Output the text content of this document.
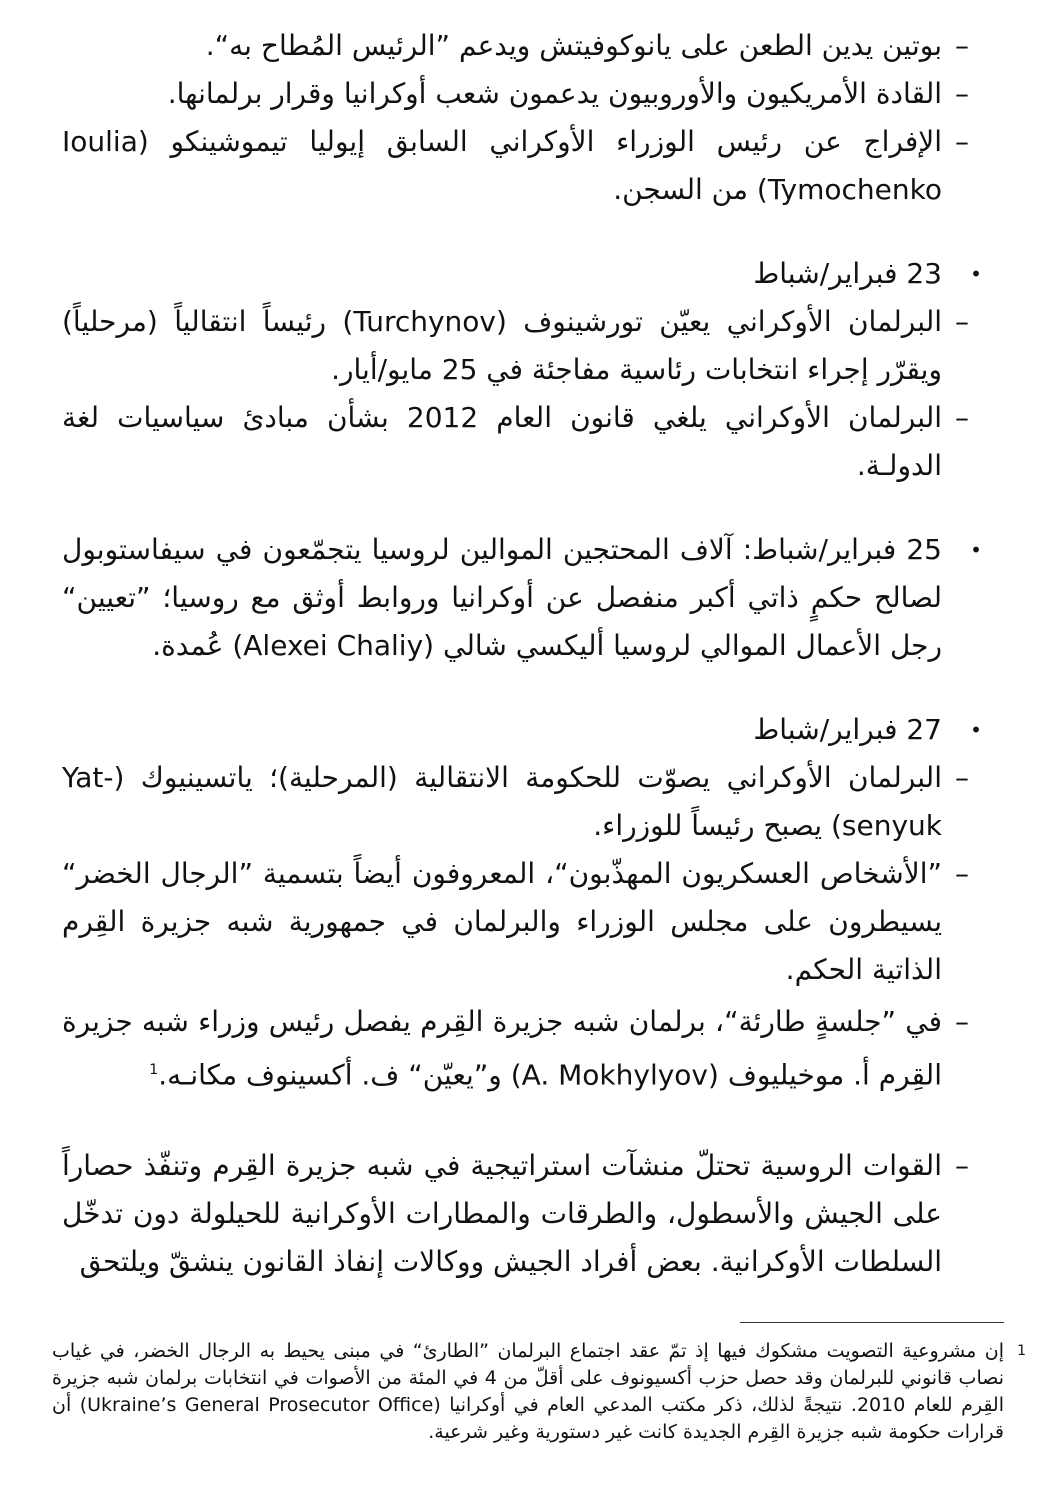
–
بوتين يدين الطعن على يانوكوفيتش ويدعم ”الرئيس المُطاح به“.
–
القادة الأمريكيون والأوروبيون يدعمون شعب أوكرانيا وقرار برلمانها.
–
الإفراج عن رئيس الوزراء الأوكراني السابق إيوليا تيموشينكو (Ioulia Tymochenko) من السجن.
•
23 فبراير/شباط
–
البرلمان الأوكراني يعيّن تورشينوف (Turchynov) رئيساً انتقالياً (مرحلياً) ويقرّر إجراء انتخابات رئاسية مفاجئة في 25 مايو/أيار.
–
البرلمان الأوكراني يلغي قانون العام 2012 بشأن مبادئ سياسيات لغة الدولـة.
•
25 فبراير/شباط: آلاف المحتجين الموالين لروسيا يتجمّعون في سيفاستوبول لصالح حكمٍ ذاتي أكبر منفصل عن أوكرانيا وروابط أوثق مع روسيا؛ ”تعيين“ رجل الأعمال الموالي لروسيا أليكسي شالي (Alexei Chaliy) عُمدة.
•
27 فبراير/شباط
–
البرلمان الأوكراني يصوّت للحكومة الانتقالية (المرحلية)؛ ياتسينيوك (Yat-senyuk) يصبح رئيساً للوزراء.
–
”الأشخاص العسكريون المهذّبون“، المعروفون أيضاً بتسمية ”الرجال الخضر“ يسيطرون على مجلس الوزراء والبرلمان في جمهورية شبه جزيرة القِرم الذاتية الحكم.
–
في ”جلسةٍ طارئة“، برلمان شبه جزيرة القِرم يفصل رئيس وزراء شبه جزيرة القِرم أ. موخيليوف (A. Mokhylyov) و”يعيّن“ ف. أكسينوف مكانـه.$^1$
–
القوات الروسية تحتلّ منشآت استراتيجية في شبه جزيرة القِرم وتنفّذ حصاراً على الجيش والأسطول، والطرقات والمطارات الأوكرانية للحيلولة دون تدخّل السلطات الأوكرانية. بعض أفراد الجيش ووكالات إنفاذ القانون ينشقّ ويلتحق
1
إن مشروعية التصويت مشكوك فيها إذ تمّ عقد اجتماع البرلمان ”الطارئ“ في مبنى يحيط به الرجال الخضر، في غياب نصاب قانوني للبرلمان وقد حصل حزب أكسيونوف على أقلّ من 4 في المئة من الأصوات في انتخابات برلمان شبه جزيرة القِرم للعام 2010. نتيجةً لذلك، ذكر مكتب المدعي العام في أوكرانيا (Ukraine’s General Prosecutor Office) أن قرارات حكومة شبه جزيرة القِرم الجديدة كانت غير دستورية وغير شرعية.
